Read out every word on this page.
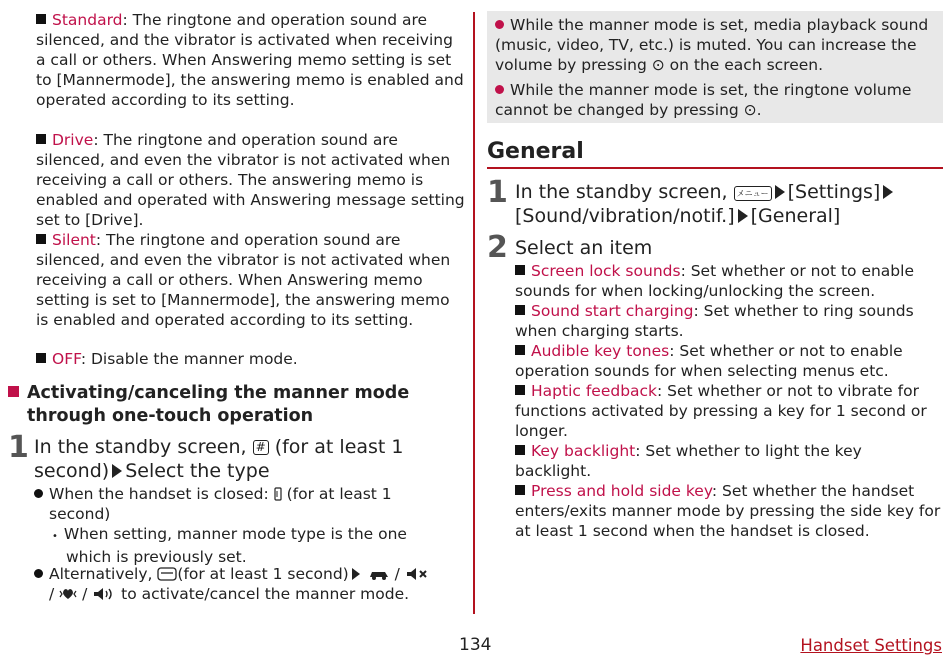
Standard: The ringtone and operation sound are silenced, and the vibrator is activated when receiving a call or others. When Answering memo setting is set to [Mannermode], the answering memo is enabled and operated according to its setting.
Drive: The ringtone and operation sound are silenced, and even the vibrator is not activated when receiving a call or others. The answering memo is enabled and operated with Answering message setting set to [Drive].
Silent: The ringtone and operation sound are silenced, and even the vibrator is not activated when receiving a call or others. When Answering memo setting is set to [Mannermode], the answering memo is enabled and operated according to its setting.
OFF: Disable the manner mode.
Activating/canceling the manner mode
through one-touch operation
1 In the standby screen, # (for at least 1
second) Select the type
When the handset is closed: (for at least 1
second)
• When setting, manner mode type is the one
which is previously set.
Alternatively, (for at least 1 second)	/
/  /  to activate/cancel the manner mode.
While the manner mode is set, media playback sound (music, video, TV, etc.) is muted. You can increase the volume by pressing ⊙ on the each screen.
While the manner mode is set, the ringtone volume cannot be changed by pressing ⊙.
General
1 In the standby screen, メニュー [Settings]
[Sound/vibration/notif.] [General]
2 Select an item
Screen lock sounds: Set whether or not to enable sounds for when locking/unlocking the screen.
Sound start charging: Set whether to ring sounds when charging starts.
Audible key tones: Set whether or not to enable operation sounds for when selecting menus etc.
Haptic feedback: Set whether or not to vibrate for functions activated by pressing a key for 1 second or longer.
Key backlight: Set whether to light the key backlight.
Press and hold side key: Set whether the handset enters/exits manner mode by pressing the side key for at least 1 second when the handset is closed.
134	Handset Settings
